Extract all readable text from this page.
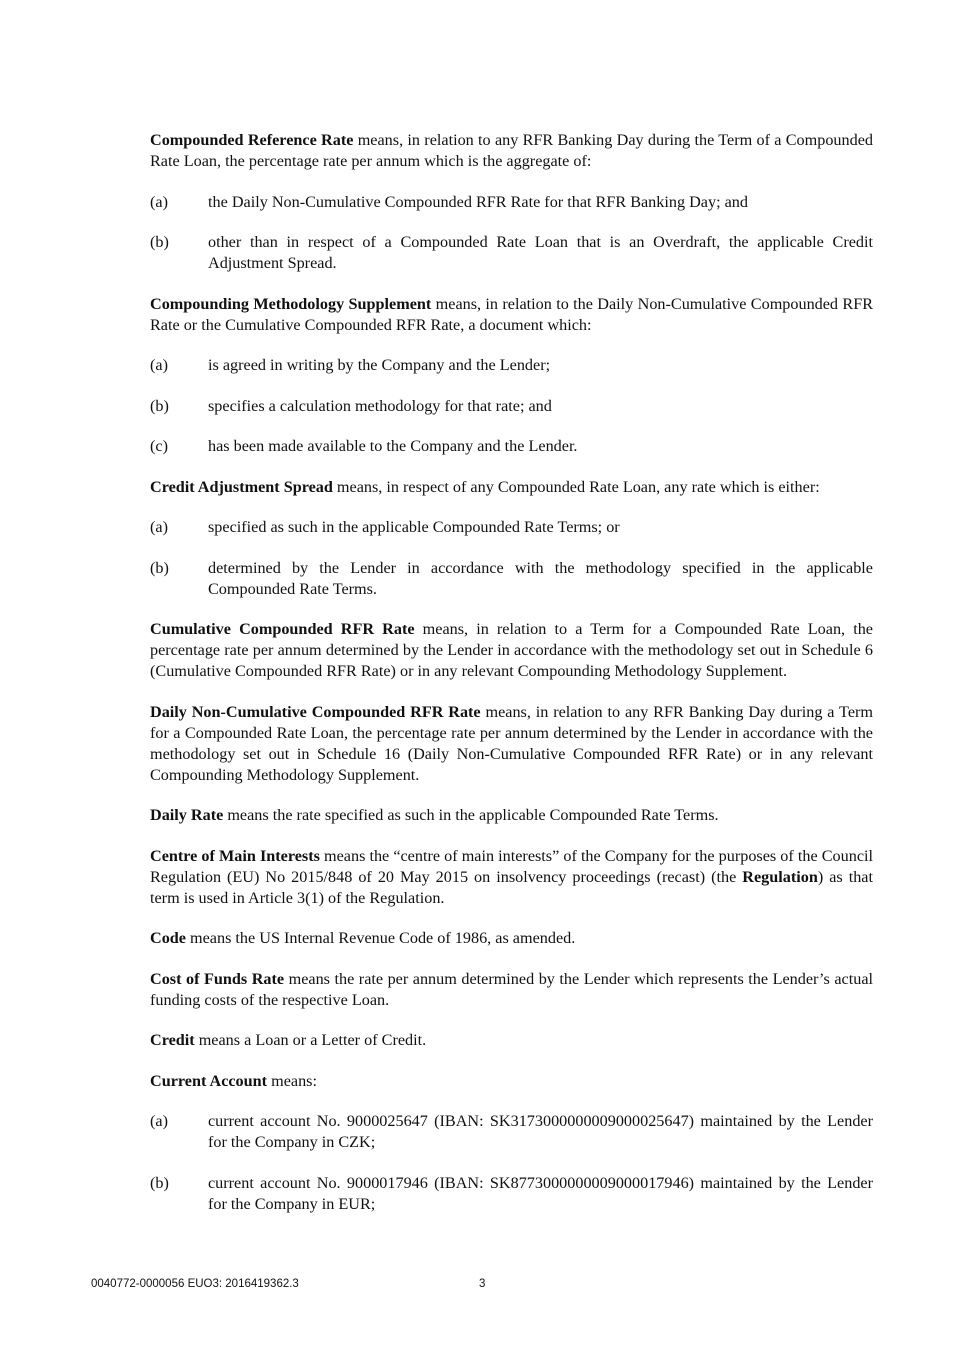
Compounded Reference Rate means, in relation to any RFR Banking Day during the Term of a Compounded Rate Loan, the percentage rate per annum which is the aggregate of:

(a)	the Daily Non-Cumulative Compounded RFR Rate for that RFR Banking Day; and
(b)	other than in respect of a Compounded Rate Loan that is an Overdraft, the applicable Credit Adjustment Spread.

Compounding Methodology Supplement means, in relation to the Daily Non-Cumulative Compounded RFR Rate or the Cumulative Compounded RFR Rate, a document which:

(a)	is agreed in writing by the Company and the Lender;
(b)	specifies a calculation methodology for that rate; and
(c)	has been made available to the Company and the Lender.

Credit Adjustment Spread means, in respect of any Compounded Rate Loan, any rate which is either:

(a)	specified as such in the applicable Compounded Rate Terms; or
(b)	determined by the Lender in accordance with the methodology specified in the applicable Compounded Rate Terms.

Cumulative Compounded RFR Rate means, in relation to a Term for a Compounded Rate Loan, the percentage rate per annum determined by the Lender in accordance with the methodology set out in Schedule 6 (Cumulative Compounded RFR Rate) or in any relevant Compounding Methodology Supplement.

Daily Non-Cumulative Compounded RFR Rate means, in relation to any RFR Banking Day during a Term for a Compounded Rate Loan, the percentage rate per annum determined by the Lender in accordance with the methodology set out in Schedule 16 (Daily Non-Cumulative Compounded RFR Rate) or in any relevant Compounding Methodology Supplement.

Daily Rate means the rate specified as such in the applicable Compounded Rate Terms.

Centre of Main Interests means the “centre of main interests” of the Company for the purposes of the Council Regulation (EU) No 2015/848 of 20 May 2015 on insolvency proceedings (recast) (the Regulation) as that term is used in Article 3(1) of the Regulation.

Code means the US Internal Revenue Code of 1986, as amended.

Cost of Funds Rate means the rate per annum determined by the Lender which represents the Lender’s actual funding costs of the respective Loan.

Credit means a Loan or a Letter of Credit.

Current Account means:

(a)	current account No. 9000025647 (IBAN: SK3173000000009000025647) maintained by the Lender for the Company in CZK;
(b)	current account No. 9000017946 (IBAN: SK8773000000009000017946) maintained by the Lender for the Company in EUR;
0040772-0000056 EUO3: 2016419362.3	3
